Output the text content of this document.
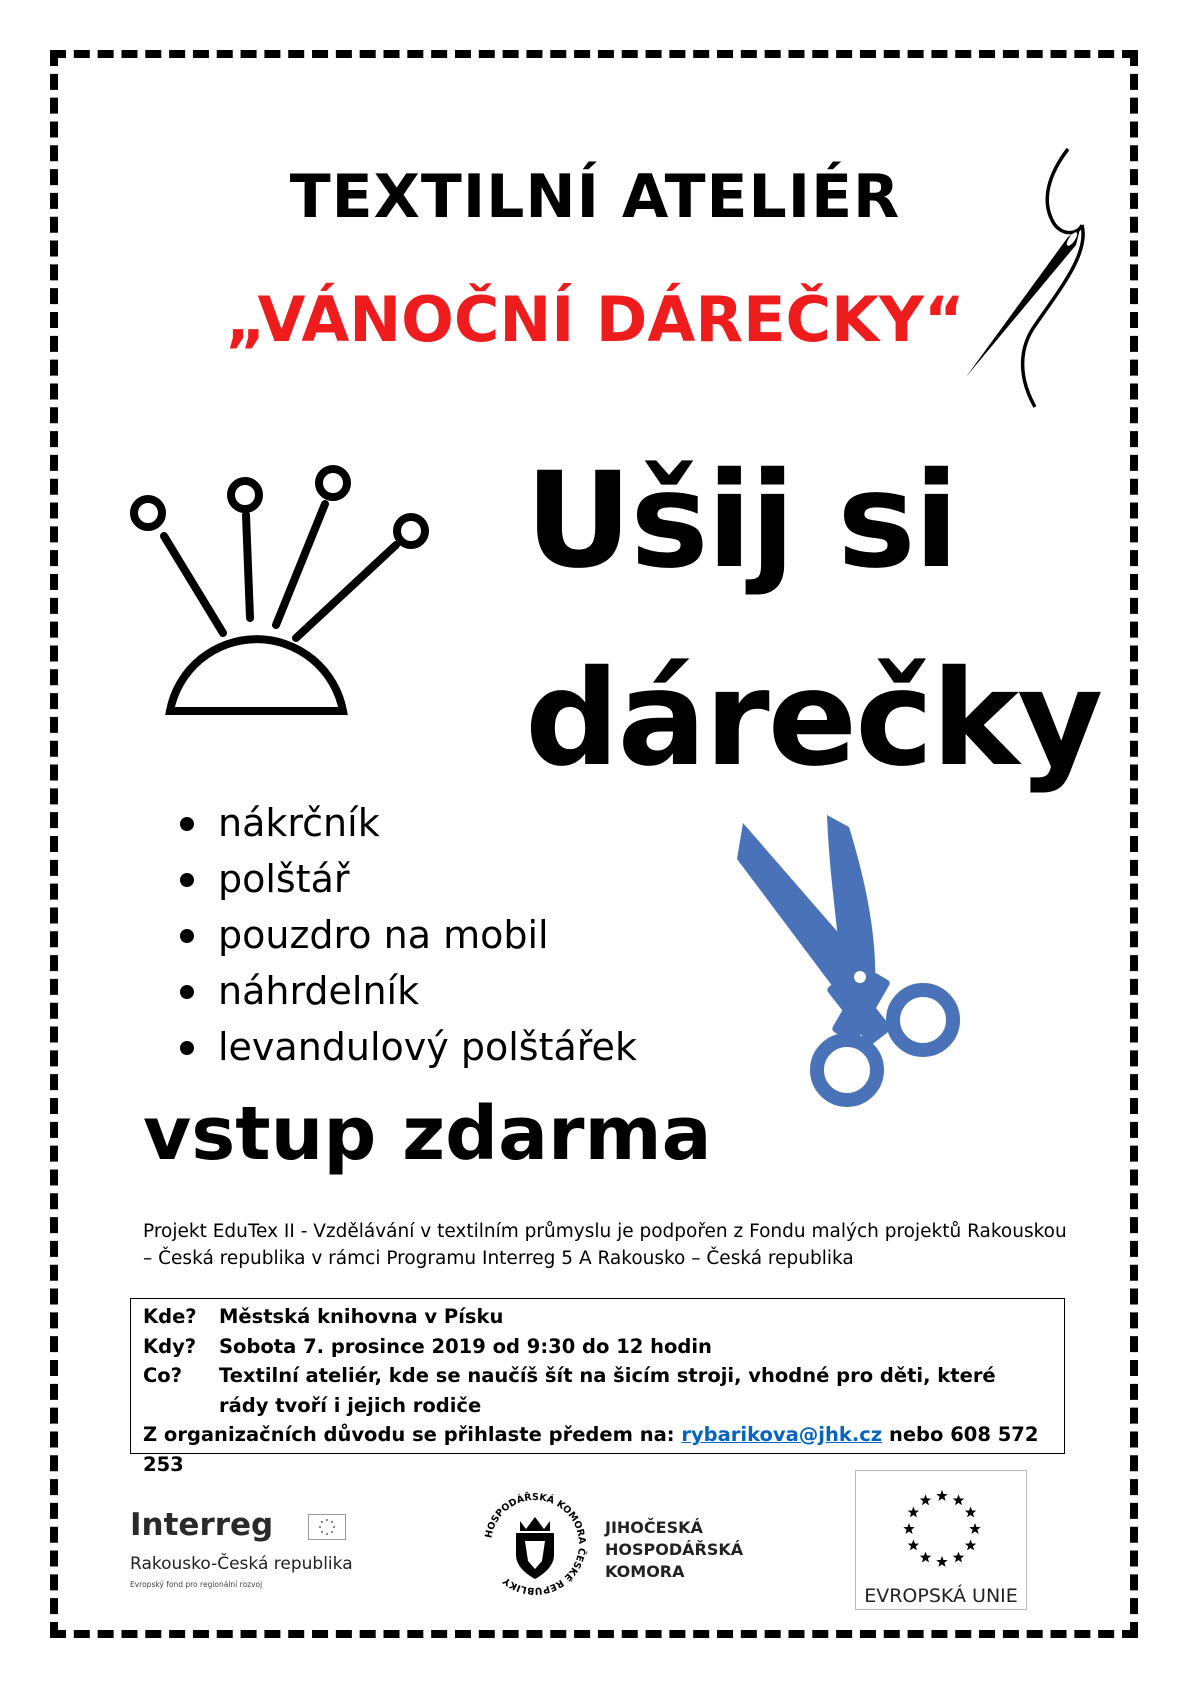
TEXTILNÍ ATELIÉR
„VÁNOČNÍ DÁREČKY“
Ušij si
dárečky
nákrčník
polštář
pouzdro na mobil
náhrdelník
levandulový polštářek
vstup zdarma
Projekt EduTex II - Vzdělávání v textilním průmyslu je podpořen z Fondu malých projektů Rakouskou – Česká republika v rámci Programu Interreg 5 A Rakousko – Česká republika
Kde?	Městská knihovna v Písku
Kdy?	Sobota 7. prosince 2019 od 9:30 do 12 hodin
Co?	Textilní ateliér, kde se naučíš šít na šicím stroji, vhodné pro děti, které
rády tvoří i jejich rodiče
Z organizačních důvodu se přihlaste předem na: rybarikova@jhk.cz nebo 608 572 253
Interreg
Rakousko-Česká republika
Evropský fond pro regionální rozvoj
HOSPODÁŘSKÁ KOMORA ČESKÉ REPUBLIKY
JIHOČESKÁ
HOSPODÁŘSKÁ
KOMORA
EVROPSKÁ UNIE
